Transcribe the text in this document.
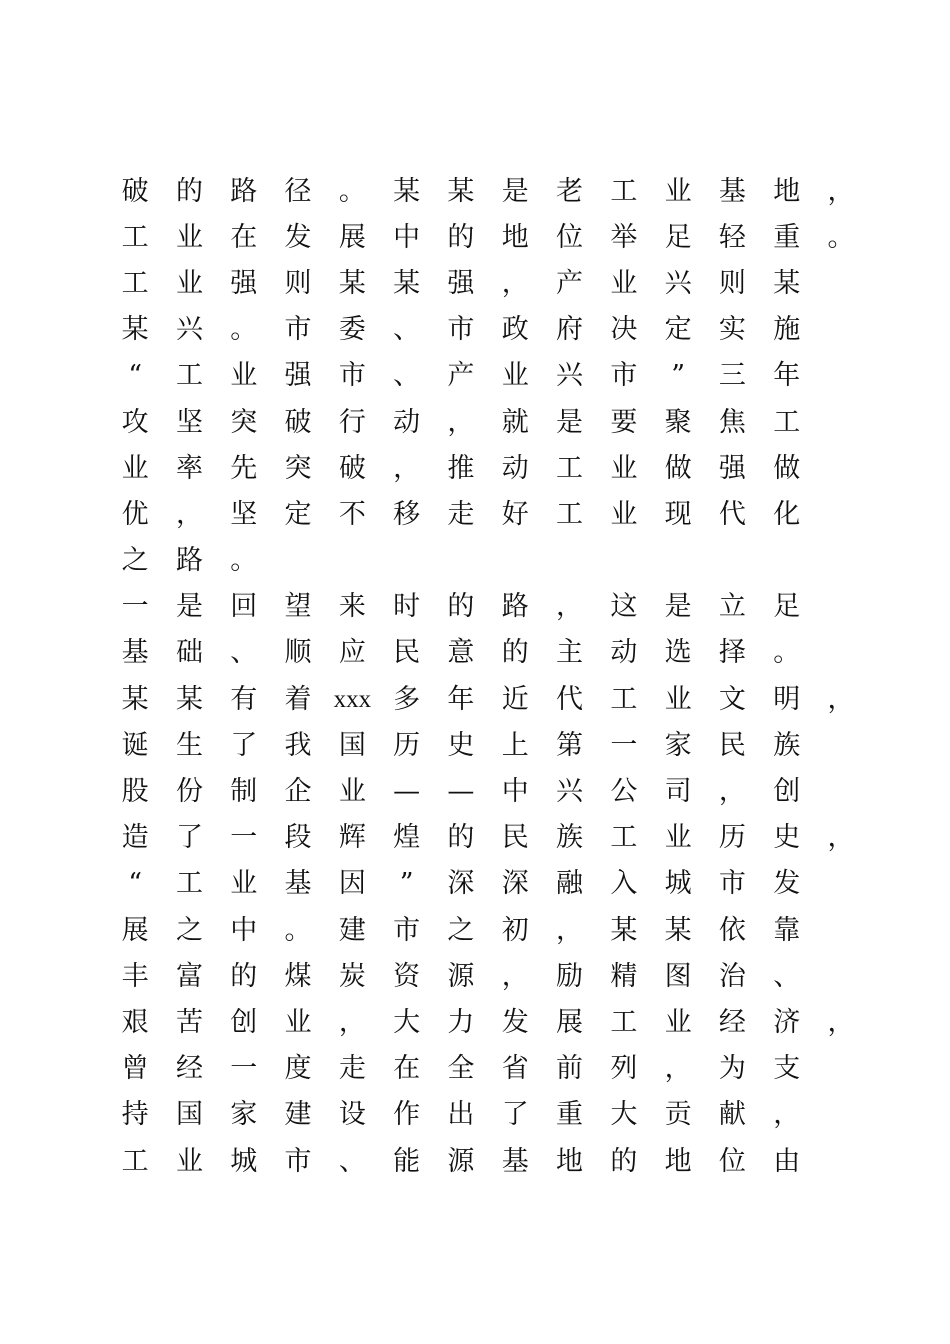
破	的	路	径	。	某	某	是	老	工	业	基	地	，
工	业	在	发	展	中	的	地	位	举	足	轻	重	。
工	业	强	则	某	某	强	，	产	业	兴	则	某
某	兴	。	市	委	、	市	政	府	决	定	实	施
“	工	业	强	市	、	产	业	兴	市	”	三	年
攻	坚	突	破	行	动	，	就	是	要	聚	焦	工
业	率	先	突	破	，	推	动	工	业	做	强	做
优	，	坚	定	不	移	走	好	工	业	现	代	化
之	路	。
一	是	回	望	来	时	的	路	，	这	是	立	足
基	础	、	顺	应	民	意	的	主	动	选	择	。
某	某	有	着 xxx 多	年	近	代	工	业	文	明	，
诞	生	了	我	国	历	史	上	第	一	家	民	族
股	份	制	企	业	—	—	中	兴	公	司	，	创
造	了	一	段	辉	煌	的	民	族	工	业	历	史	，
“	工	业	基	因	”	深	深	融	入	城	市	发
展	之	中	。	建	市	之	初	，	某	某	依	靠
丰	富	的	煤	炭	资	源	，	励	精	图	治	、
艰	苦	创	业	，	大	力	发	展	工	业	经	济	，
曾	经	一	度	走	在	全	省	前	列	，	为	支
持	国	家	建	设	作	出	了	重	大	贡	献	，
工	业	城	市	、	能	源	基	地	的	地	位	由
